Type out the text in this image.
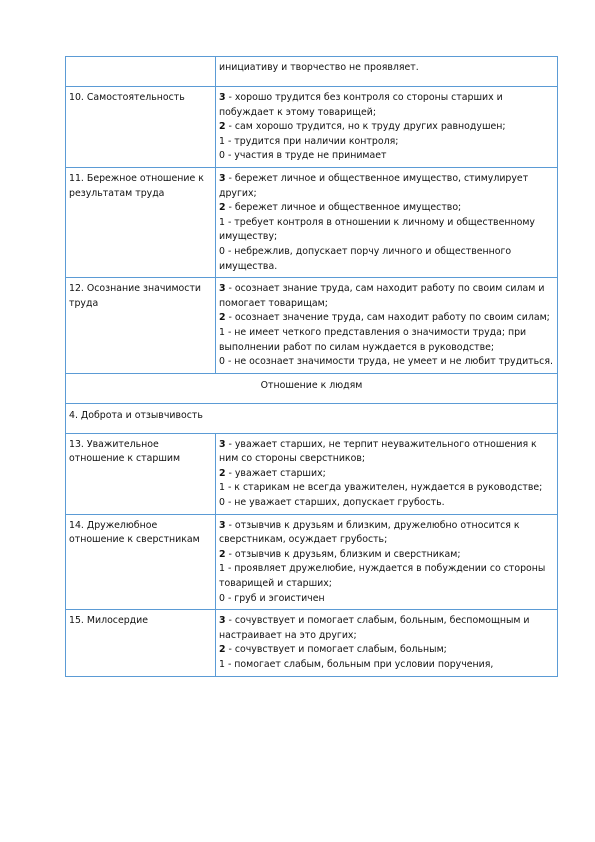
	инициативу и творчество не проявляет.

10. Самостоятельность	3 - хорошо трудится без контроля со стороны старших и побуждает к этому товарищей;
2 - сам хорошо трудится, но к труду других равнодушен;
1 - трудится при наличии контроля;
0 - участия в труде не принимает

11. Бережное отношение к результатам труда	3 - бережет личное и общественное имущество, стимулирует других;
2 - бережет личное и общественное имущество;
1 - требует контроля в отношении к личному и общественному имуществу;
0 - небрежлив, допускает порчу личного и общественного имущества.

12. Осознание значимости труда	3 - осознает знание труда, сам находит работу по своим силам и помогает товарищам;
2 - осознает значение труда, сам находит работу по своим силам;
1 - не имеет четкого представления о значимости труда; при выполнении работ по силам нуждается в руководстве;
0 - не осознает значимости труда, не умеет и не любит трудиться.

Отношение к людям	
4. Доброта и отзывчивость	
13. Уважительное отношение к старшим	3 - уважает старших, не терпит неуважительного отношения к ним со стороны сверстников;
2 - уважает старших;
1 - к старикам не всегда уважителен, нуждается в руководстве;
0 - не уважает старших, допускает грубость.

14. Дружелюбное отношение к сверстникам	3 - отзывчив к друзьям и близким, дружелюбно относится к сверстникам, осуждает грубость;
2 - отзывчив к друзьям, близким и сверстникам;
1 - проявляет дружелюбие, нуждается в побуждении со стороны товарищей и старших;
0 - груб и эгоистичен

15. Милосердие	3 - сочувствует и помогает слабым, больным, беспомощным и настраивает на это других;
2 - сочувствует и помогает слабым, больным;
1 - помогает слабым, больным при условии поручения,
